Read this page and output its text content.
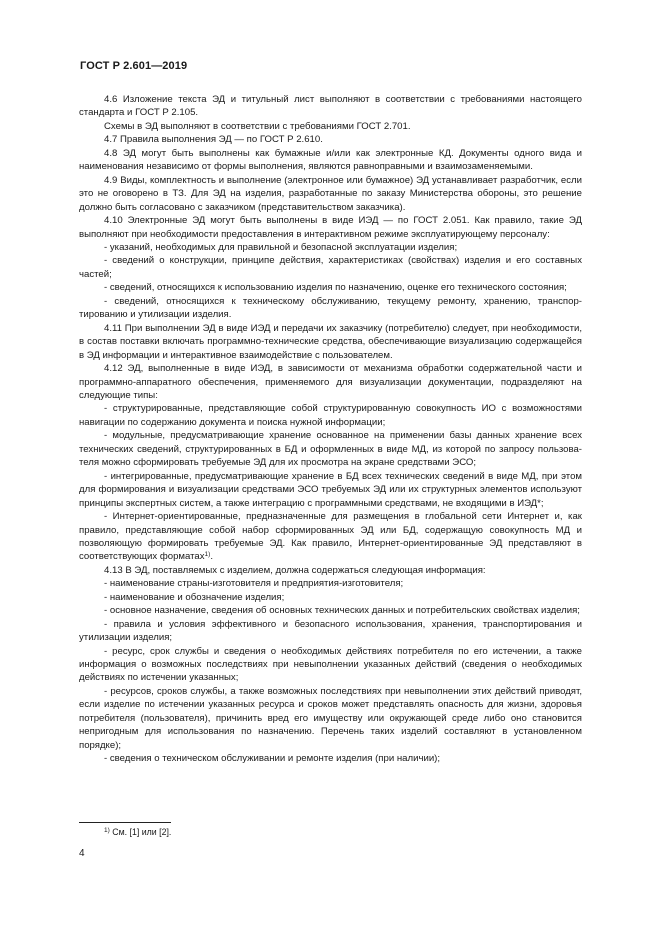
ГОСТ Р 2.601—2019

4.6 Изложение текста ЭД и титульный лист выполняют в соответствии с требованиями настоящего стандарта и ГОСТ Р 2.105.

Схемы в ЭД выполняют в соответствии с требованиями ГОСТ 2.701.

4.7 Правила выполнения ЭД — по ГОСТ Р 2.610.

4.8 ЭД могут быть выполнены как бумажные и/или как электронные КД. Документы одного вида и наименования независимо от формы выполнения, являются равноправными и взаимозаменяемыми.

4.9 Виды, комплектность и выполнение (электронное или бумажное) ЭД устанавливает разработчик, если это не оговорено в ТЗ. Для ЭД на изделия, разработанные по заказу Министерства обороны, это решение должно быть согласовано с заказчиком (представительством заказчика).

4.10 Электронные ЭД могут быть выполнены в виде ИЭД — по ГОСТ 2.051. Как правило, такие ЭД выполняют при необходимости предоставления в интерактивном режиме эксплуатирующему персоналу:

- указаний, необходимых для правильной и безопасной эксплуатации изделия;

- сведений о конструкции, принципе действия, характеристиках (свойствах) изделия и его составных частей;

- сведений, относящихся к использованию изделия по назначению, оценке его технического состояния;

- сведений, относящихся к техническому обслуживанию, текущему ремонту, хранению, транспортированию и утилизации изделия.

4.11 При выполнении ЭД в виде ИЭД и передачи их заказчику (потребителю) следует, при необходимости, в состав поставки включать программно-технические средства, обеспечивающие визуализацию содержащейся в ЭД информации и интерактивное взаимодействие с пользователем.

4.12 ЭД, выполненные в виде ИЭД, в зависимости от механизма обработки содержательной части и программно-аппаратного обеспечения, применяемого для визуализации документации, подразделяют на следующие типы:

- структурированные, представляющие собой структурированную совокупность ИО с возможностями навигации по содержанию документа и поиска нужной информации;

- модульные, предусматривающие хранение основанное на применении базы данных хранение всех технических сведений, структурированных в БД и оформленных в виде МД, из которой по запросу пользователя можно сформировать требуемые ЭД для их просмотра на экране средствами ЭСО;

- интегрированные, предусматривающие хранение в БД всех технических сведений в виде МД, при этом для формирования и визуализации средствами ЭСО требуемых ЭД или их структурных элементов используют принципы экспертных систем, а также интеграцию с программными средствами, не входящими в ИЭД*;

- Интернет-ориентированные, предназначенные для размещения в глобальной сети Интернет и, как правило, представляющие собой набор сформированных ЭД или БД, содержащую совокупность МД и позволяющую формировать требуемые ЭД. Как правило, Интернет-ориентированные ЭД представляют в соответствующих форматах$^{1)}$.

4.13 В ЭД, поставляемых с изделием, должна содержаться следующая информация:

- наименование страны-изготовителя и предприятия-изготовителя;

- наименование и обозначение изделия;

- основное назначение, сведения об основных технических данных и потребительских свойствах изделия;

- правила и условия эффективного и безопасного использования, хранения, транспортирования и утилизации изделия;

- ресурс, срок службы и сведения о необходимых действиях потребителя по его истечении, а также информация о возможных последствиях при невыполнении указанных действий (сведения о необходимых действиях по истечении указанных;

- ресурсов, сроков службы, а также возможных последствиях при невыполнении этих действий приводят, если изделие по истечении указанных ресурса и сроков может представлять опасность для жизни, здоровья потребителя (пользователя), причинить вред его имуществу или окружающей среде либо оно становится непригодным для использования по назначению. Перечень таких изделий составляют в установленном порядке);

- сведения о техническом обслуживании и ремонте изделия (при наличии);

$^{1)}$ См. [1] или [2].
4
